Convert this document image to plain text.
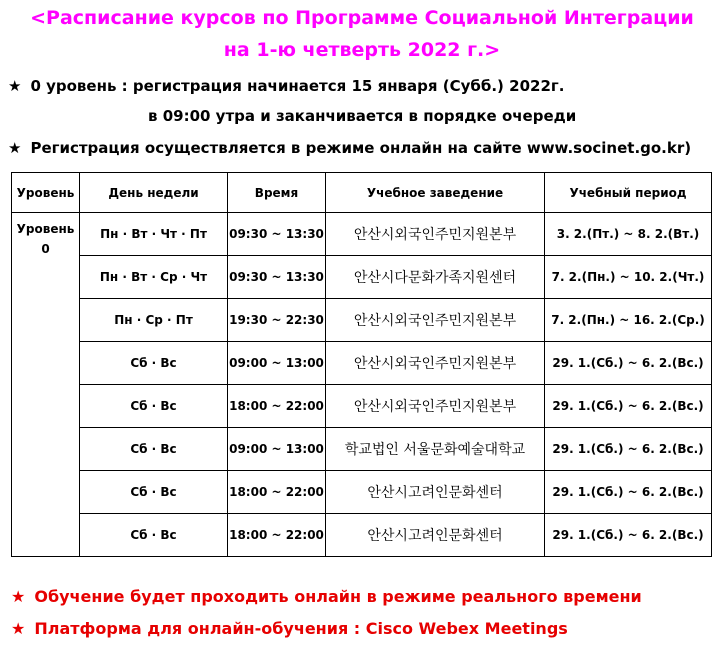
<Расписание курсов по Программе Социальной Интеграции
на 1-ю четверть 2022 г.>
★ 0 уровень : регистрация начинается 15 января (Субб.) 2022г.
в 09:00 утра и заканчивается в порядке очереди
★ Регистрация осуществляется в режиме онлайн на сайте www.socinet.go.kr)
Уровень	День недели	Время	Учебное заведение	Учебный период
Уровень 0	Пн · Вт · Чт · Пт	09:30 ~ 13:30	안산시외국인주민지원본부	3. 2.(Пт.) ~ 8. 2.(Вт.)
	Пн · Вт · Ср · Чт	09:30 ~ 13:30	안산시다문화가족지원센터	7. 2.(Пн.) ~ 10. 2.(Чт.)
	Пн · Ср · Пт	19:30 ~ 22:30	안산시외국인주민지원본부	7. 2.(Пн.) ~ 16. 2.(Ср.)
	Сб · Вс	09:00 ~ 13:00	안산시외국인주민지원본부	29. 1.(Сб.) ~ 6. 2.(Вс.)
	Сб · Вс	18:00 ~ 22:00	안산시외국인주민지원본부	29. 1.(Сб.) ~ 6. 2.(Вс.)
	Сб · Вс	09:00 ~ 13:00	학교법인 서울문화예술대학교	29. 1.(Сб.) ~ 6. 2.(Вс.)
	Сб · Вс	18:00 ~ 22:00	안산시고려인문화센터	29. 1.(Сб.) ~ 6. 2.(Вс.)
	Сб · Вс	18:00 ~ 22:00	안산시고려인문화센터	29. 1.(Сб.) ~ 6. 2.(Вс.)
★ Обучение будет проходить онлайн в режиме реального времени
★ Платформа для онлайн-обучения : Cisco Webex Meetings
